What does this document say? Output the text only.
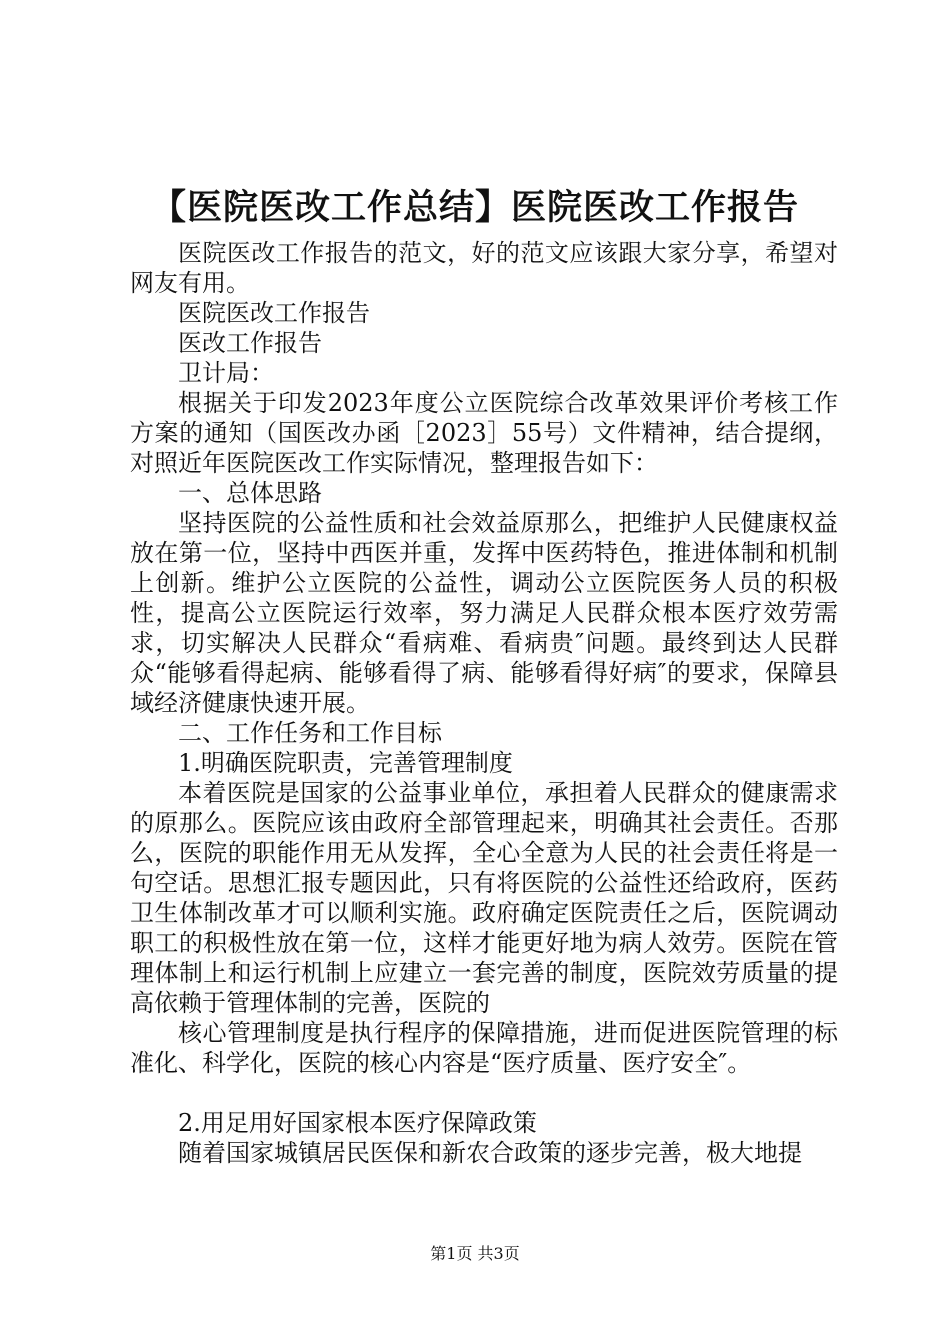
【医院医改工作总结】医院医改工作报告

医院医改工作报告的范文，好的范文应该跟大家分享，希望对网友有用。

医院医改工作报告

医改工作报告

卫计局：

根据关于印发2023年度公立医院综合改革效果评价考核工作方案的通知（国医改办函［2023］55号）文件精神，结合提纲，对照近年医院医改工作实际情况，整理报告如下：

一、总体思路

坚持医院的公益性质和社会效益原那么，把维护人民健康权益放在第一位，坚持中西医并重，发挥中医药特色，推进体制和机制上创新。维护公立医院的公益性，调动公立医院医务人员的积极性，提高公立医院运行效率，努力满足人民群众根本医疗效劳需求，切实解决人民群众“看病难、看病贵″问题。最终到达人民群众“能够看得起病、能够看得了病、能够看得好病″的要求，保障县域经济健康快速开展。

二、工作任务和工作目标

1.明确医院职责，完善管理制度

本着医院是国家的公益事业单位，承担着人民群众的健康需求的原那么。医院应该由政府全部管理起来，明确其社会责任。否那么，医院的职能作用无从发挥，全心全意为人民的社会责任将是一句空话。思想汇报专题因此，只有将医院的公益性还给政府，医药卫生体制改革才可以顺利实施。政府确定医院责任之后，医院调动职工的积极性放在第一位，这样才能更好地为病人效劳。医院在管理体制上和运行机制上应建立一套完善的制度，医院效劳质量的提高依赖于管理体制的完善，医院的

核心管理制度是执行程序的保障措施，进而促进医院管理的标准化、科学化，医院的核心内容是“医疗质量、医疗安全″。

2.用足用好国家根本医疗保障政策

随着国家城镇居民医保和新农合政策的逐步完善，极大地提

第1页 共3页
